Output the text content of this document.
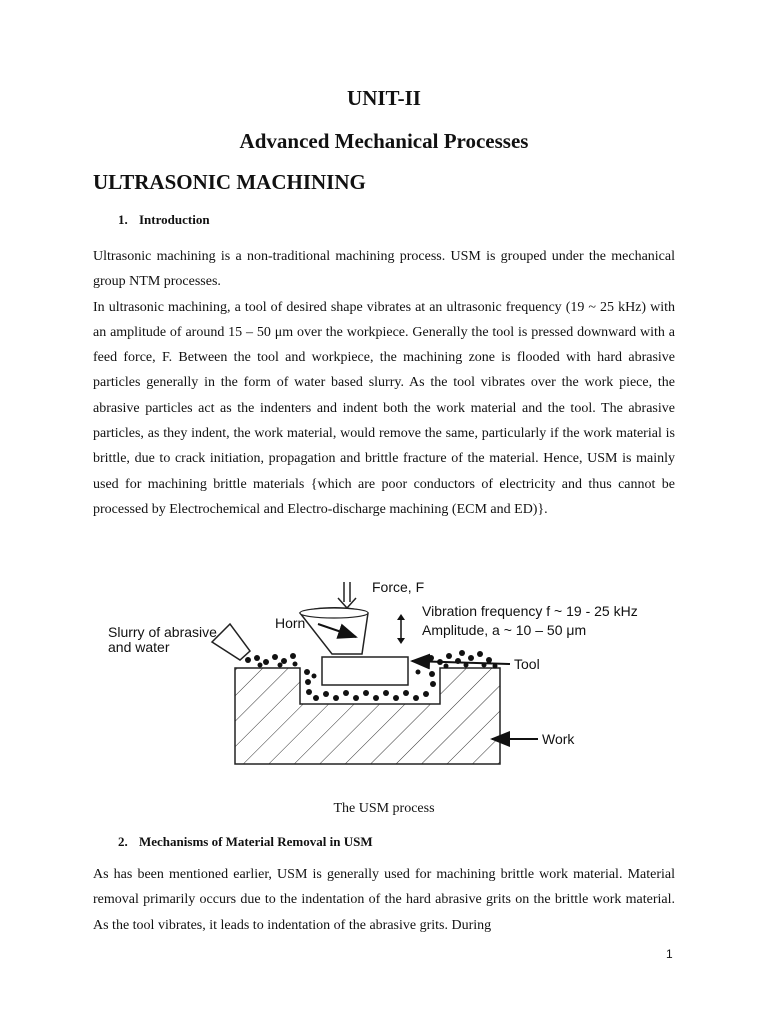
UNIT-II
Advanced Mechanical Processes
ULTRASONIC MACHINING
1. Introduction

Ultrasonic machining is a non-traditional machining process. USM is grouped under the mechanical group NTM processes.

In ultrasonic machining, a tool of desired shape vibrates at an ultrasonic frequency (19 ~ 25 kHz) with an amplitude of around 15 – 50 μm over the workpiece. Generally the tool is pressed downward with a feed force, F. Between the tool and workpiece, the machining zone is flooded with hard abrasive particles generally in the form of water based slurry. As the tool vibrates over the work piece, the abrasive particles act as the indenters and indent both the work material and the tool. The abrasive particles, as they indent, the work material, would remove the same, particularly if the work material is brittle, due to crack initiation, propagation and brittle fracture of the material. Hence, USM is mainly used for machining brittle materials {which are poor conductors of electricity and thus cannot be processed by Electrochemical and Electro-discharge machining (ECM and ED)}.

Force, F
Horn
Slurry of abrasive
and water
Vibration frequency f ~ 19 - 25 kHz
Amplitude, a ~ 10 – 50 μm
Tool
Work
The USM process
2. Mechanisms of Material Removal in USM

As has been mentioned earlier, USM is generally used for machining brittle work material. Material removal primarily occurs due to the indentation of the hard abrasive grits on the brittle work material. As the tool vibrates, it leads to indentation of the abrasive grits. During

1
